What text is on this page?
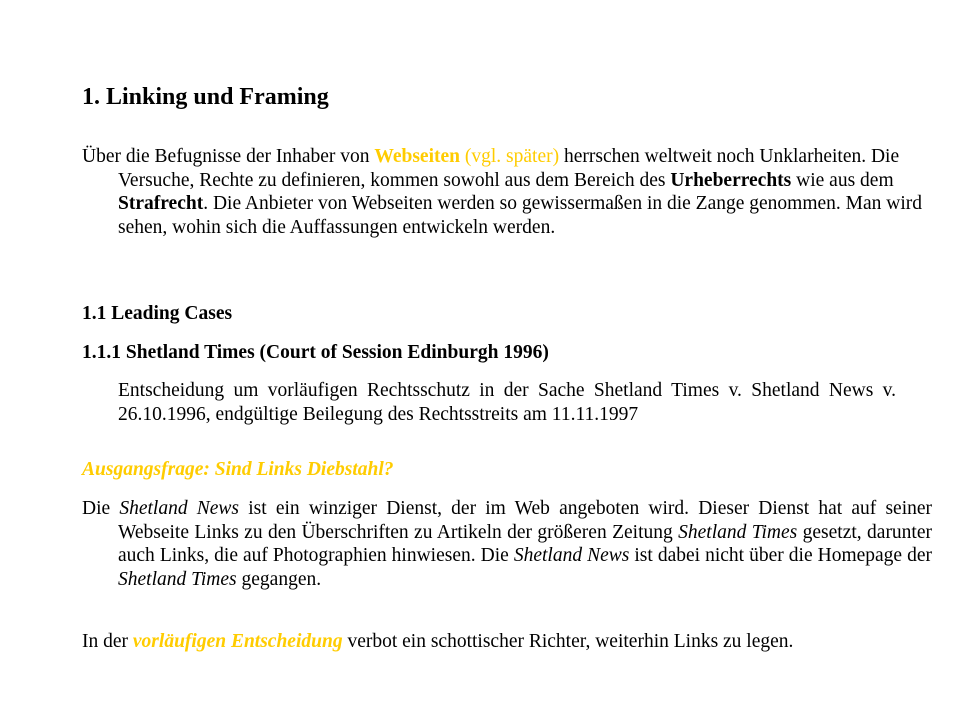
1. Linking und Framing

Über die Befugnisse der Inhaber von Webseiten (vgl. später) herrschen weltweit noch Unklarheiten. Die Versuche, Rechte zu definieren, kommen sowohl aus dem Bereich des Urheberrechts wie aus dem Strafrecht. Die Anbieter von Webseiten werden so gewissermaßen in die Zange genommen. Man wird sehen, wohin sich die Auffassungen entwickeln werden.

1.1 Leading Cases

1.1.1 Shetland Times (Court of Session Edinburgh 1996)

Entscheidung um vorläufigen Rechtsschutz in der Sache Shetland Times v. Shetland News v. 26.10.1996, endgültige Beilegung des Rechtsstreits am 11.11.1997

Ausgangsfrage: Sind Links Diebstahl?

Die Shetland News ist ein winziger Dienst, der im Web angeboten wird. Dieser Dienst hat auf seiner Webseite Links zu den Überschriften zu Artikeln der größeren Zeitung Shetland Times gesetzt, darunter auch Links, die auf Photographien hinwiesen. Die Shetland News ist dabei nicht über die Homepage der Shetland Times gegangen.

In der vorläufigen Entscheidung verbot ein schottischer Richter, weiterhin Links zu legen.
